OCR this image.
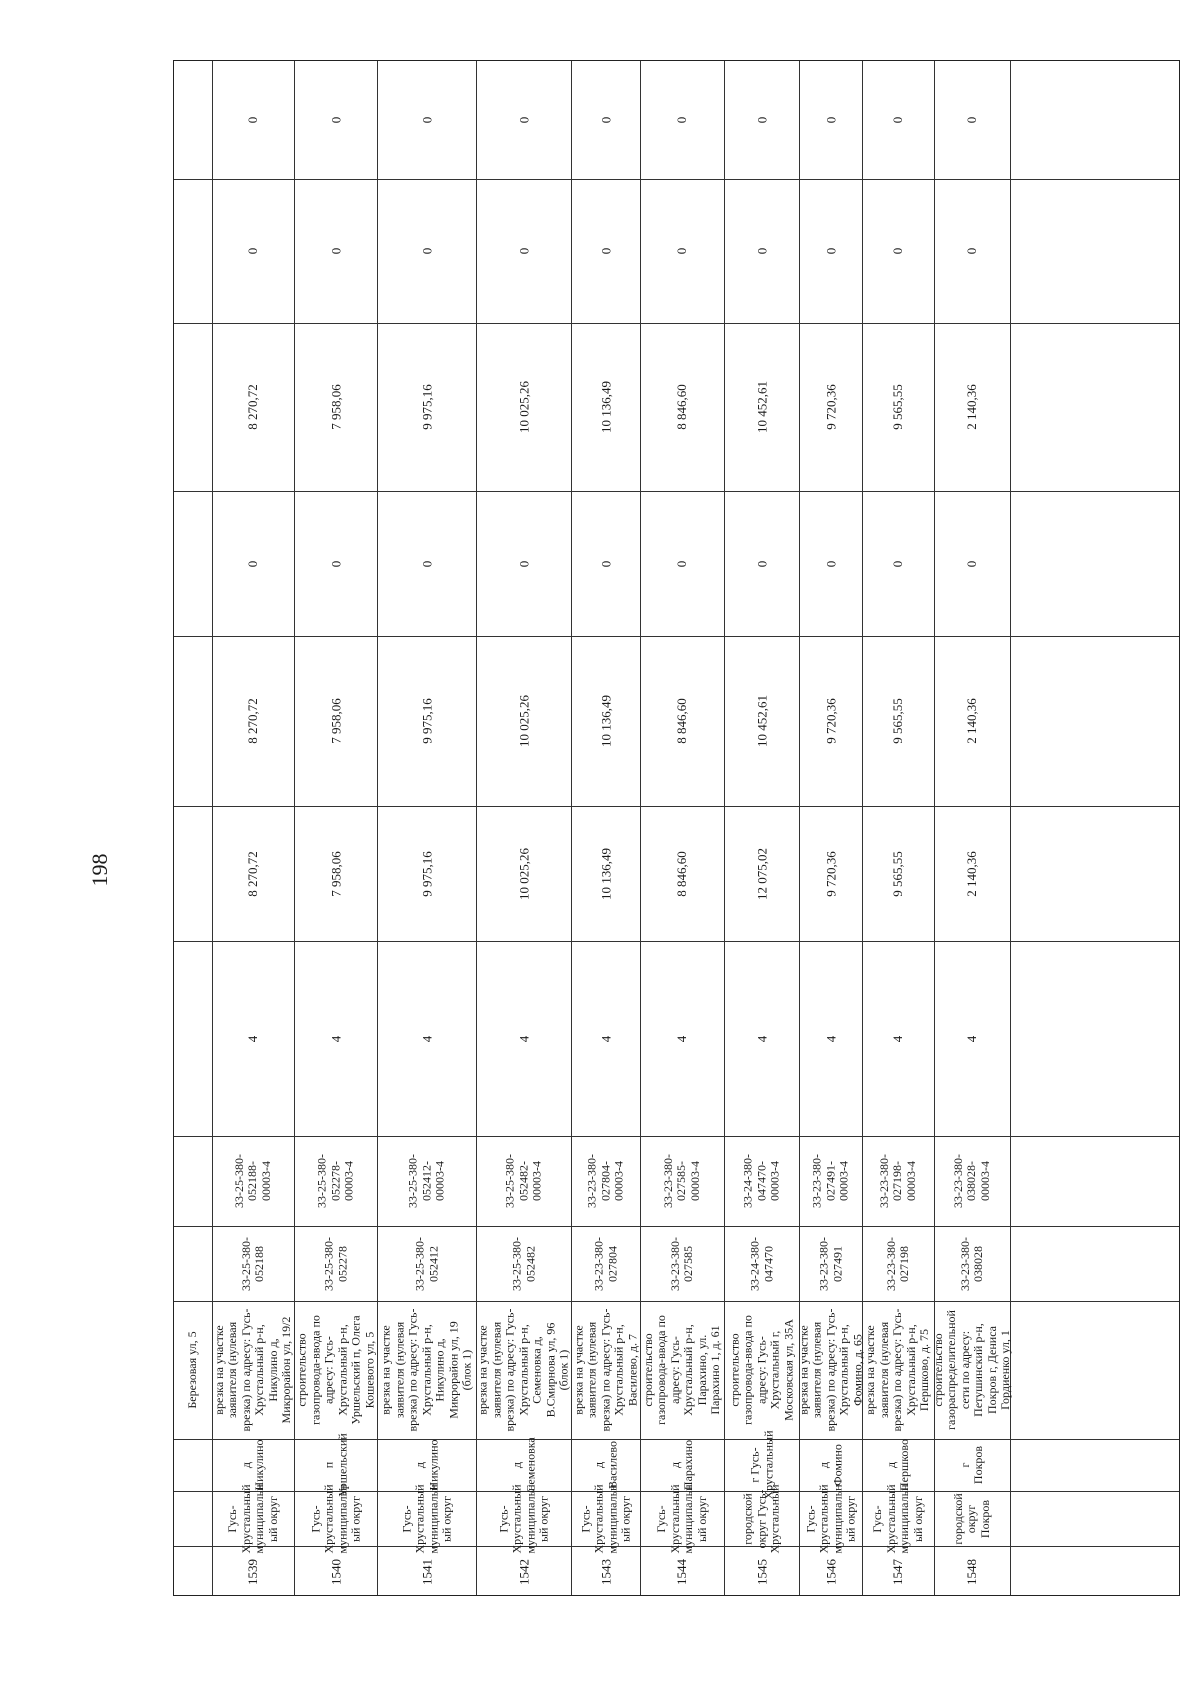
198
Березовая ул, 5
0
0
8 270,72
0
8 270,72
8 270,72
4
33-25-380-
052188-
00003-4
33-25-380-
052188
врезка на участке
заявителя (нулевая
врезка) по адресу: Гусь-
Хрустальный р-н,
Никулино д,
Микрорайон ул, 19/2
д Никулино
Гусь-
Хрустальный
муниципальн
ый округ
1539
0
0
7 958,06
0
7 958,06
7 958,06
4
33-25-380-
052278-
00003-4
33-25-380-
052278
строительство
газопровода-ввода по
адресу: Гусь-
Хрустальный р-н,
Уршельский п, Олега
Кошевого ул, 5
п Уршельский
Гусь-
Хрустальный
муниципальн
ый округ
1540
0
0
9 975,16
0
9 975,16
9 975,16
4
33-25-380-
052412-
00003-4
33-25-380-
052412
врезка на участке
заявителя (нулевая
врезка) по адресу: Гусь-
Хрустальный р-н,
Никулино д,
Микрорайон ул, 19
(блок 1)
д Никулино
Гусь-
Хрустальный
муниципальн
ый округ
1541
0
0
10 025,26
0
10 025,26
10 025,26
4
33-25-380-
052482-
00003-4
33-25-380-
052482
врезка на участке
заявителя (нулевая
врезка) по адресу: Гусь-
Хрустальный р-н,
Семеновка д,
В.Смирнова ул, 96
(блок 1)
д Семеновка
Гусь-
Хрустальный
муниципальн
ый округ
1542
0
0
10 136,49
0
10 136,49
10 136,49
4
33-23-380-
027804-
00003-4
33-23-380-
027804
врезка на участке
заявителя (нулевая
врезка) по адресу: Гусь-
Хрустальный р-н,
Василево, д. 7
д Василево
Гусь-
Хрустальный
муниципальн
ый округ
1543
0
0
8 846,60
0
8 846,60
8 846,60
4
33-23-380-
027585-
00003-4
33-23-380-
027585
строительство
газопровода-ввода по
адресу: Гусь-
Хрустальный р-н,
Парахино, ул.
Парахино 1, д. 61
д Парахино
Гусь-
Хрустальный
муниципальн
ый округ
1544
0
0
10 452,61
0
10 452,61
12 075,02
4
33-24-380-
047470-
00003-4
33-24-380-
047470
строительство
газопровода-ввода по
адресу: Гусь-
Хрустальный г,
Московская ул, 35А
г Гусь-
Хрустальный
городской
округ Гусь-
Хрустальный
1545
0
0
9 720,36
0
9 720,36
9 720,36
4
33-23-380-
027491-
00003-4
33-23-380-
027491
врезка на участке
заявителя (нулевая
врезка) по адресу: Гусь-
Хрустальный р-н,
Фомино, д. 65
д Фомино
Гусь-
Хрустальный
муниципальн
ый округ
1546
0
0
9 565,55
0
9 565,55
9 565,55
4
33-23-380-
027198-
00003-4
33-23-380-
027198
врезка на участке
заявителя (нулевая
врезка) по адресу: Гусь-
Хрустальный р-н,
Першково, д. 75
д Першково
Гусь-
Хрустальный
муниципальн
ый округ
1547
0
0
2 140,36
0
2 140,36
2 140,36
4
33-23-380-
038028-
00003-4
33-23-380-
038028
строительство
газораспределительной
сети по адресу:
Петушинский р-н,
Покров г, Дениса
Гордиенко ул, 1
г Покров
городской
округ Покров
1548
